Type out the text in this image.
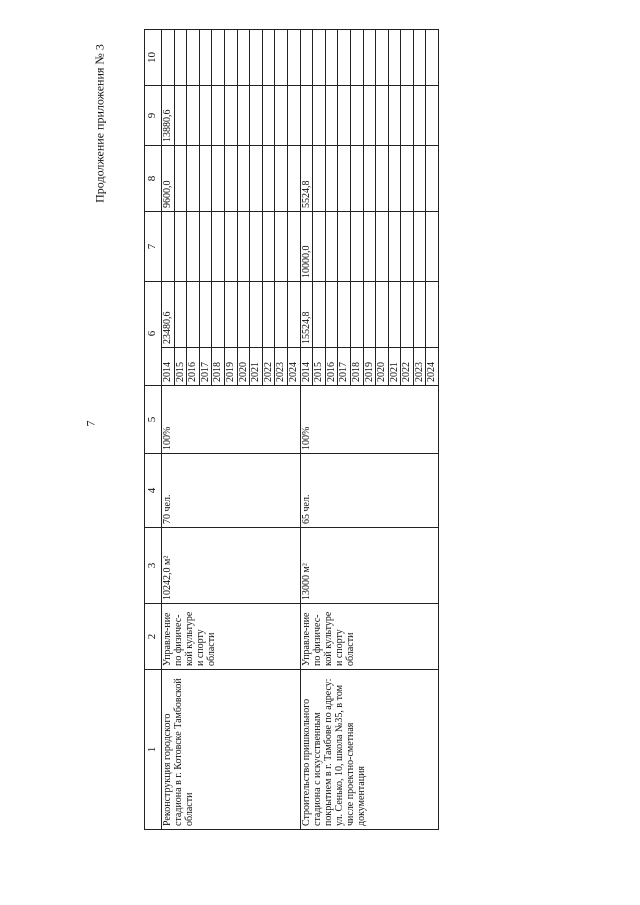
7
Продолжение приложения № 3
1	2	3	4	5	6		7	8	9	10
Реконструкция городского стадиона в г. Котовске Тамбовской области	Управле-ние по физичес-кой культуре и спорту области	10242,0 м²	70 чел.	100%	2014	23480,6		9600,0	13880,6	
					2015					
					2016					
					2017					
					2018					
					2019					
					2020					
					2021					
					2022					
					2023					
					2024					
Строительство пришкольного стадиона с искусственным покрытием в г. Тамбове по адресу: ул. Сенько, 10, школа №35, в том числе проектно-сметная документация	Управле-ние по физичес-кой культуре и спорту области	13000 м²	65 чел.	100%	2014	15524,8	10000,0	5524,8		
					2015					
					2016					
					2017					
					2018					
					2019					
					2020					
					2021					
					2022					
					2023					
					2024					
